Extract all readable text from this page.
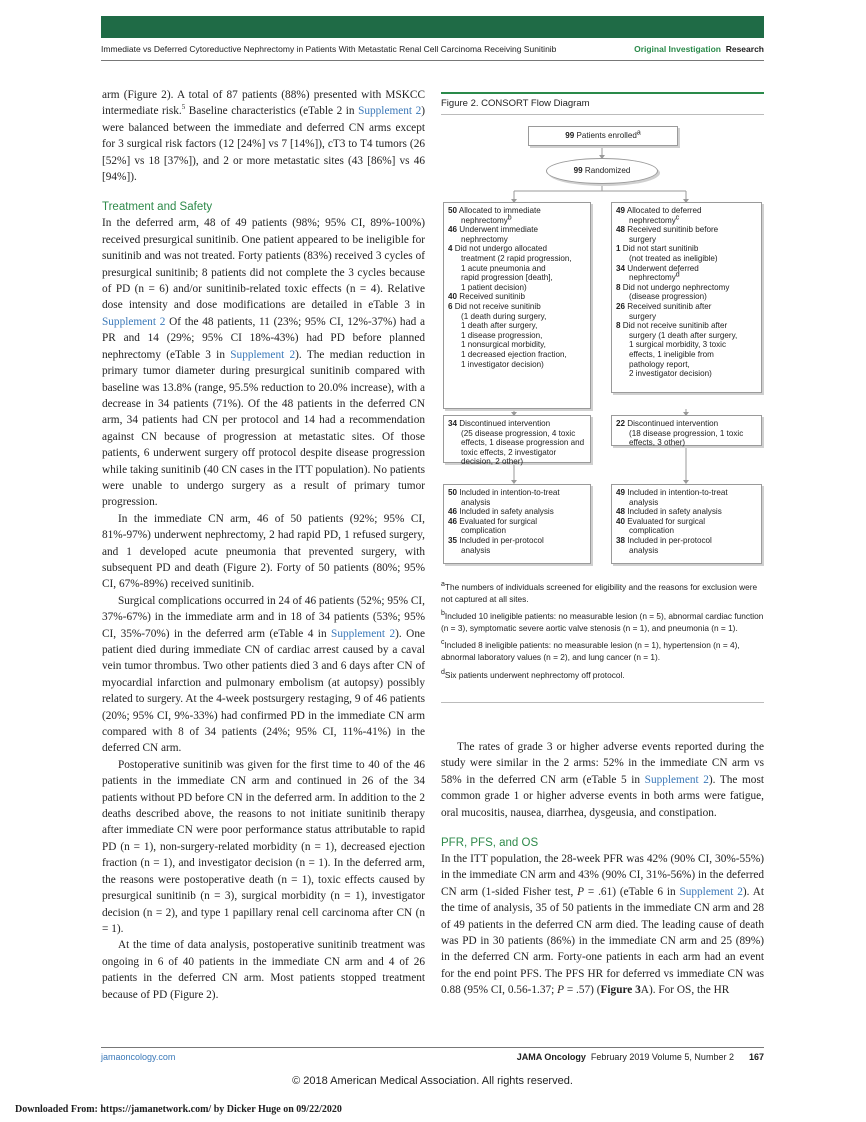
Immediate vs Deferred Cytoreductive Nephrectomy in Patients With Metastatic Renal Cell Carcinoma Receiving Sunitinib	Original Investigation Research

arm (Figure 2). A total of 87 patients (88%) presented with MSKCC intermediate risk.$^5$ Baseline characteristics (eTable 2 in Supplement 2) were balanced between the immediate and deferred CN arms except for 3 surgical risk factors (12 [24%] vs 7 [14%]), cT3 to T4 tumors (26 [52%] vs 18 [37%]), and 2 or more metastatic sites (43 [86%] vs 46 [94%]).

Treatment and Safety

In the deferred arm, 48 of 49 patients (98%; 95% CI, 89%-100%) received presurgical sunitinib. One patient appeared to be ineligible for sunitinib and was not treated. Forty patients (83%) received 3 cycles of presurgical sunitinib; 8 patients did not complete the 3 cycles because of PD (n = 6) and/or sunitinib-related toxic effects (n = 4). Relative dose intensity and dose modifications are detailed in eTable 3 in Supplement 2 Of the 48 patients, 11 (23%; 95% CI, 12%-37%) had a PR and 14 (29%; 95% CI 18%-43%) had PD before planned nephrectomy (eTable 3 in Supplement 2). The median reduction in primary tumor diameter during presurgical sunitinib compared with baseline was 13.8% (range, 95.5% reduction to 20.0% increase), with a decrease in 34 patients (71%). Of the 48 patients in the deferred CN arm, 34 patients had CN per protocol and 14 had a recommendation against CN because of progression at metastatic sites. Of those patients, 6 underwent surgery off protocol despite disease progression while taking sunitinib (40 CN cases in the ITT population). No patients were unable to undergo surgery as a result of primary tumor progression.

In the immediate CN arm, 46 of 50 patients (92%; 95% CI, 81%-97%) underwent nephrectomy, 2 had rapid PD, 1 refused surgery, and 1 developed acute pneumonia that prevented surgery, with subsequent PD and death (Figure 2). Forty of 50 patients (80%; 95% CI, 67%-89%) received sunitinib.

Surgical complications occurred in 24 of 46 patients (52%; 95% CI, 37%-67%) in the immediate arm and in 18 of 34 patients (53%; 95% CI, 35%-70%) in the deferred arm (eTable 4 in Supplement 2). One patient died during immediate CN of cardiac arrest caused by a caval vein tumor thrombus. Two other patients died 3 and 6 days after CN of myocardial infarction and pulmonary embolism (at autopsy) possibly related to surgery. At the 4-week postsurgery restaging, 9 of 46 patients (20%; 95% CI, 9%-33%) had confirmed PD in the immediate CN arm compared with 8 of 34 patients (24%; 95% CI, 11%-41%) in the deferred CN arm.

Postoperative sunitinib was given for the first time to 40 of the 46 patients in the immediate CN arm and continued in 26 of the 34 patients without PD before CN in the deferred arm. In addition to the 2 deaths described above, the reasons to not initiate sunitinib therapy after immediate CN were poor performance status attributable to rapid PD (n = 1), non-surgery-related morbidity (n = 1), decreased ejection fraction (n = 1), and investigator decision (n = 1). In the deferred arm, the reasons were postoperative death (n = 1), toxic effects caused by presurgical sunitinib (n = 3), surgical morbidity (n = 1), investigator decision (n = 2), and type 1 papillary renal cell carcinoma after CN (n = 1).

At the time of data analysis, postoperative sunitinib treatment was ongoing in 6 of 40 patients in the immediate CN arm and 4 of 26 patients in the deferred CN arm. Most patients stopped treatment because of PD (Figure 2).

Figure 2. CONSORT Flow Diagram
99 Patients enrolled$^a$
99 Randomized
50 Allocated to immediate
nephrectomy$^b$
46 Underwent immediate
nephrectomy
4 Did not undergo allocated
treatment (2 rapid progression,
1 acute pneumonia and
rapid progression [death],
1 patient decision)
40 Received sunitinib
6 Did not receive sunitinib
(1 death during surgery,
1 death after surgery,
1 disease progression,
1 nonsurgical morbidity,
1 decreased ejection fraction,
1 investigator decision)
49 Allocated to deferred
nephrectomy$^c$
48 Received sunitinib before
surgery
1 Did not start sunitinib
(not treated as ineligible)
34 Underwent deferred
nephrectomy$^d$
8 Did not undergo nephrectomy
(disease progression)
26 Received sunitinib after
surgery
8 Did not receive sunitinib after
surgery (1 death after surgery,
1 surgical morbidity, 3 toxic
effects, 1 ineligible from
pathology report,
2 investigator decision)
34 Discontinued intervention
(25 disease progression, 4 toxic
effects, 1 disease progression and
toxic effects, 2 investigator
decision, 2 other)
22 Discontinued intervention
(18 disease progression, 1 toxic
effects, 3 other)
50 Included in intention-to-treat
analysis
46 Included in safety analysis
46 Evaluated for surgical
complication
35 Included in per-protocol
analysis
49 Included in intention-to-treat
analysis
48 Included in safety analysis
40 Evaluated for surgical
complication
38 Included in per-protocol
analysis

$^a$The numbers of individuals screened for eligibility and the reasons for exclusion were not captured at all sites.

$^b$Included 10 ineligible patients: no measurable lesion (n = 5), abnormal cardiac function (n = 3), symptomatic severe aortic valve stenosis (n = 1), and pneumonia (n = 1).

$^c$Included 8 ineligible patients: no measurable lesion (n = 1), hypertension (n = 4), abnormal laboratory values (n = 2), and lung cancer (n = 1).

$^d$Six patients underwent nephrectomy off protocol.

The rates of grade 3 or higher adverse events reported during the study were similar in the 2 arms: 52% in the immediate CN arm vs 58% in the deferred CN arm (eTable 5 in Supplement 2). The most common grade 1 or higher adverse events in both arms were fatigue, oral mucositis, nausea, diarrhea, dysgeusia, and constipation.

PFR, PFS, and OS

In the ITT population, the 28-week PFR was 42% (90% CI, 30%-55%) in the immediate CN arm and 43% (90% CI, 31%-56%) in the deferred CN arm (1-sided Fisher test, P = .61) (eTable 6 in Supplement 2). At the time of analysis, 35 of 50 patients in the immediate CN arm and 28 of 49 patients in the deferred CN arm died. The leading cause of death was PD in 30 patients (86%) in the immediate CN arm and 25 (89%) in the deferred CN arm. Forty-one patients in each arm had an event for the end point PFS. The PFS HR for deferred vs immediate CN was 0.88 (95% CI, 0.56-1.37; P = .57) (Figure 3A). For OS, the HR

jamaoncology.com	JAMA Oncology February 2019 Volume 5, Number 2 167
© 2018 American Medical Association. All rights reserved.
Downloaded From: https://jamanetwork.com/ by Dicker Huge on 09/22/2020
